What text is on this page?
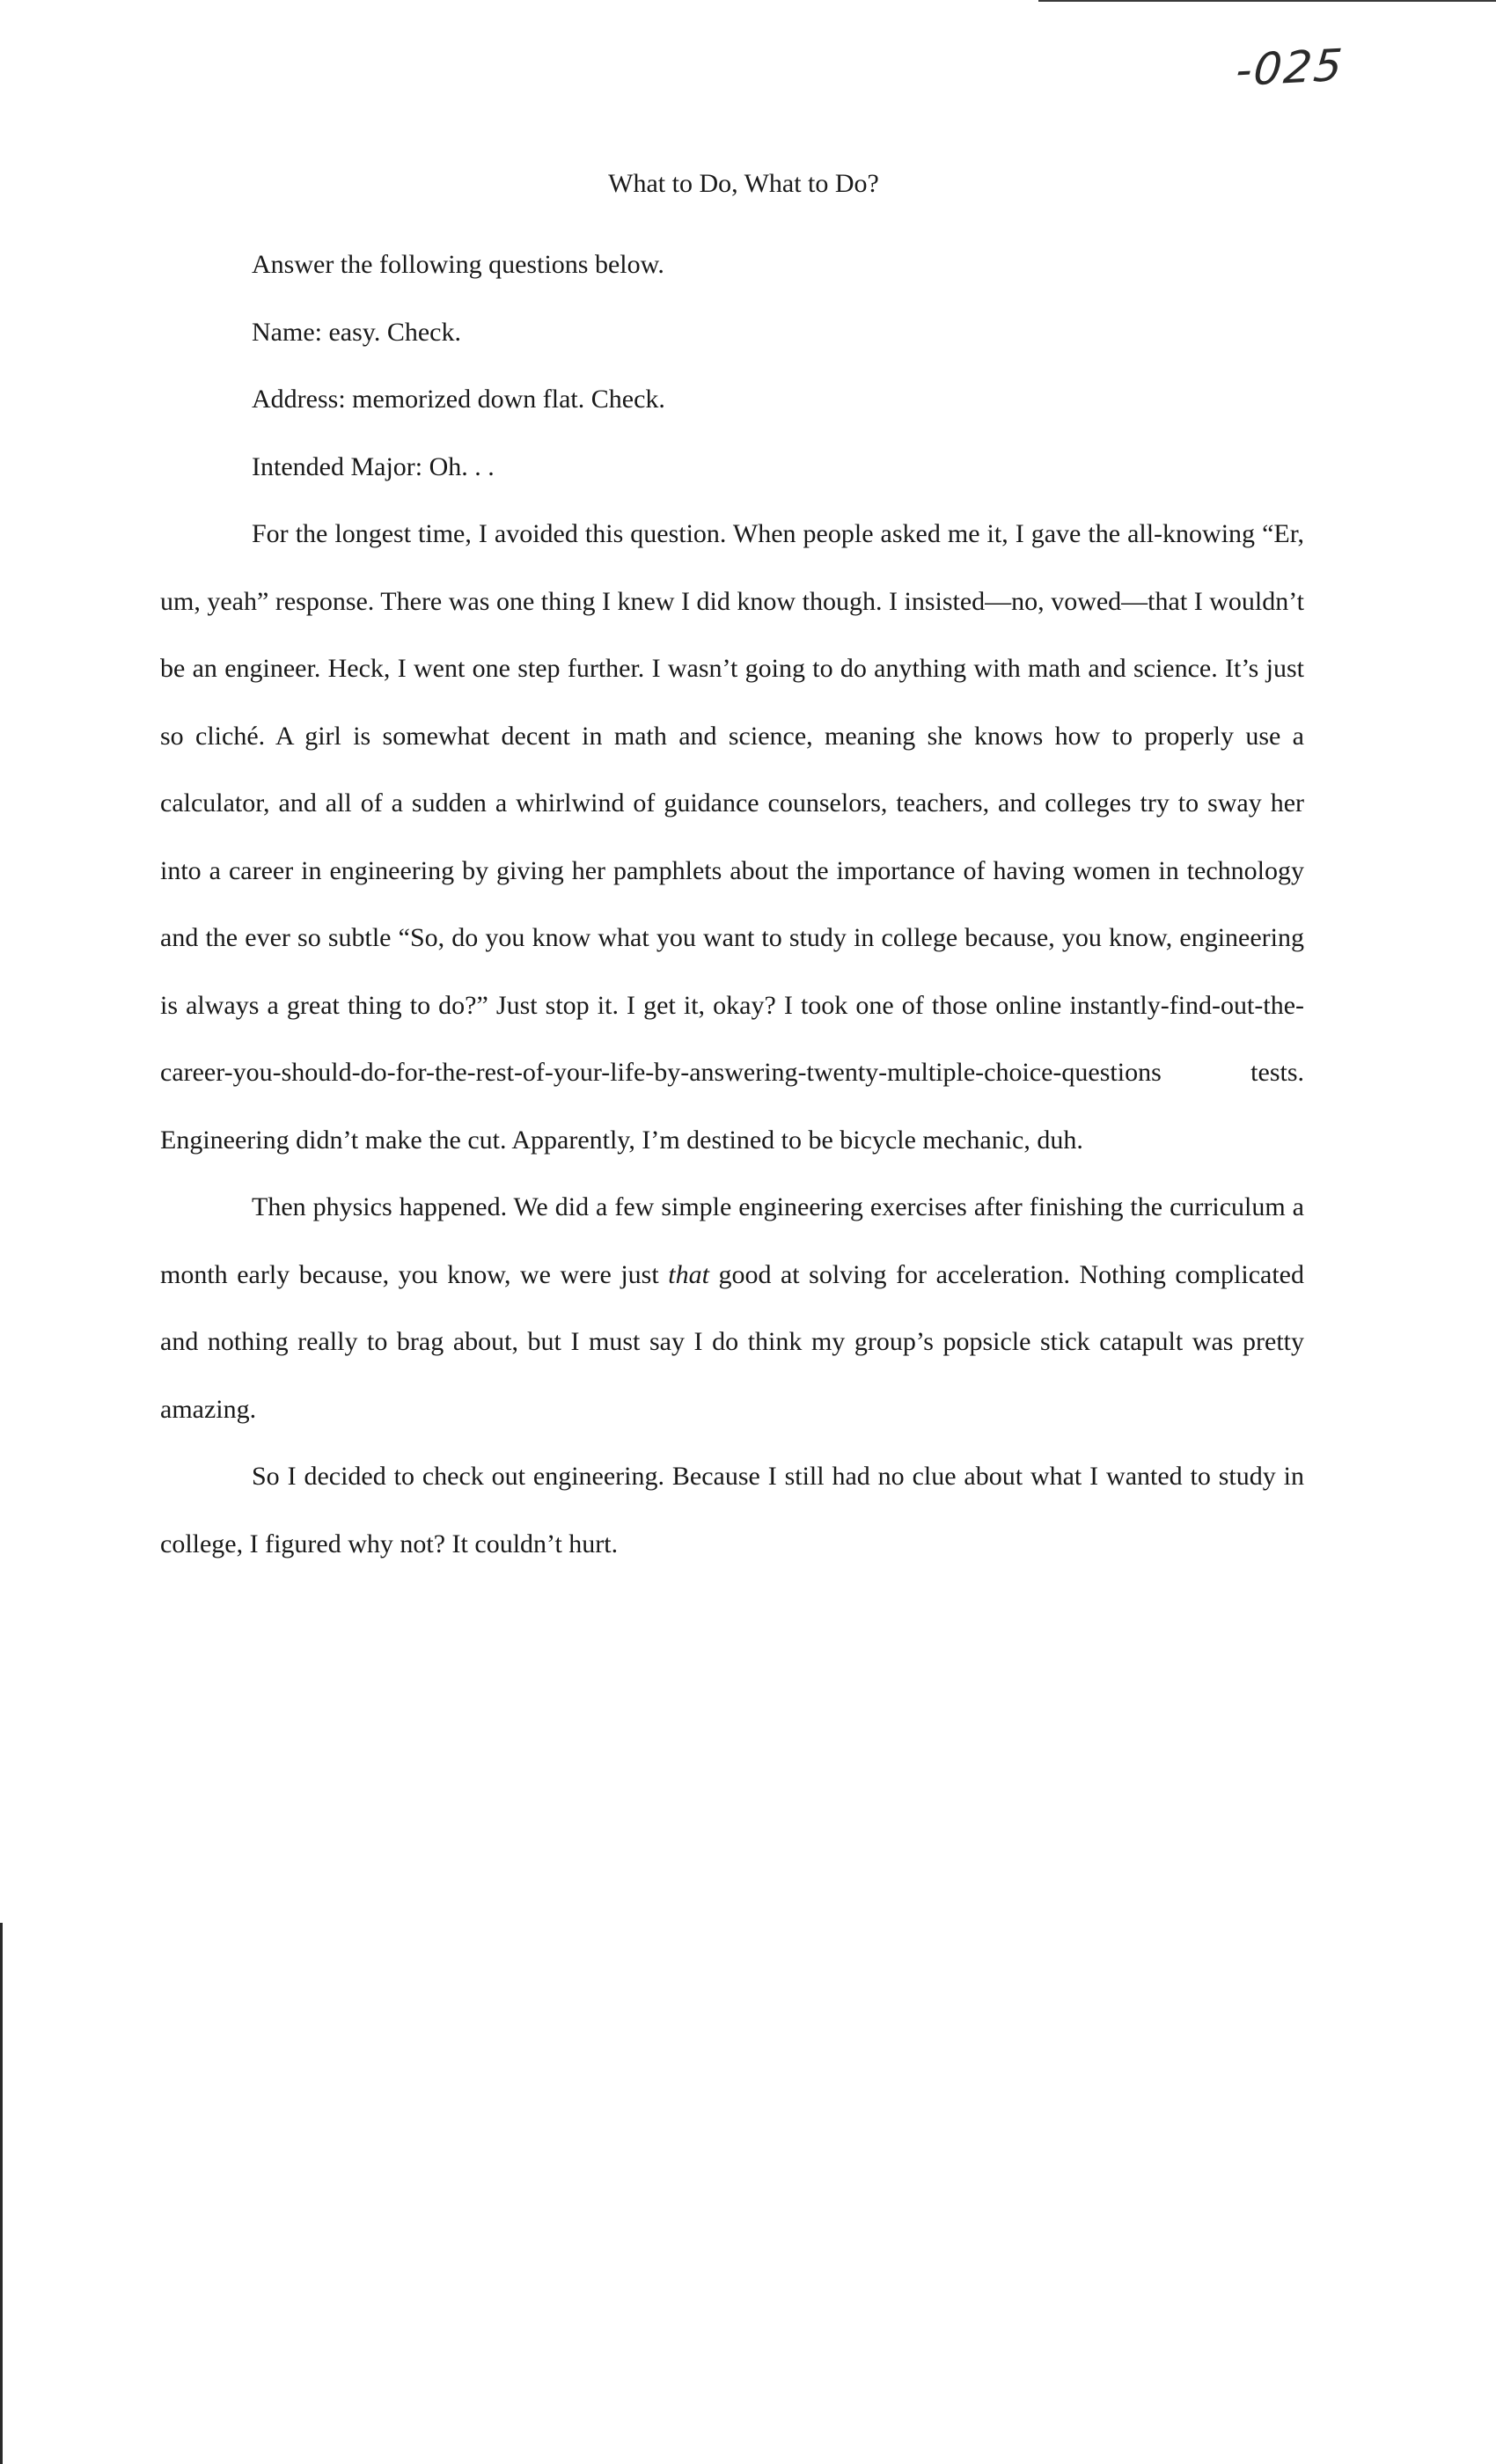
-025
What to Do, What to Do?

Answer the following questions below.

Name: easy. Check.

Address: memorized down flat. Check.

Intended Major: Oh. . .

For the longest time, I avoided this question. When people asked me it, I gave the all-knowing “Er, um, yeah” response. There was one thing I knew I did know though. I insisted—no, vowed—that I wouldn’t be an engineer. Heck, I went one step further. I wasn’t going to do anything with math and science. It’s just so cliché. A girl is somewhat decent in math and science, meaning she knows how to properly use a calculator, and all of a sudden a whirlwind of guidance counselors, teachers, and colleges try to sway her into a career in engineering by giving her pamphlets about the importance of having women in technology and the ever so subtle “So, do you know what you want to study in college because, you know, engineering is always a great thing to do?” Just stop it. I get it, okay? I took one of those online instantly-find-out-the-career-you-should-do-for-the-rest-of-your-life-by-answering-twenty-multiple-choice-questions tests. Engineering didn’t make the cut. Apparently, I’m destined to be bicycle mechanic, duh.

Then physics happened. We did a few simple engineering exercises after finishing the curriculum a month early because, you know, we were just that good at solving for acceleration. Nothing complicated and nothing really to brag about, but I must say I do think my group’s popsicle stick catapult was pretty amazing.

So I decided to check out engineering. Because I still had no clue about what I wanted to study in college, I figured why not? It couldn’t hurt.
